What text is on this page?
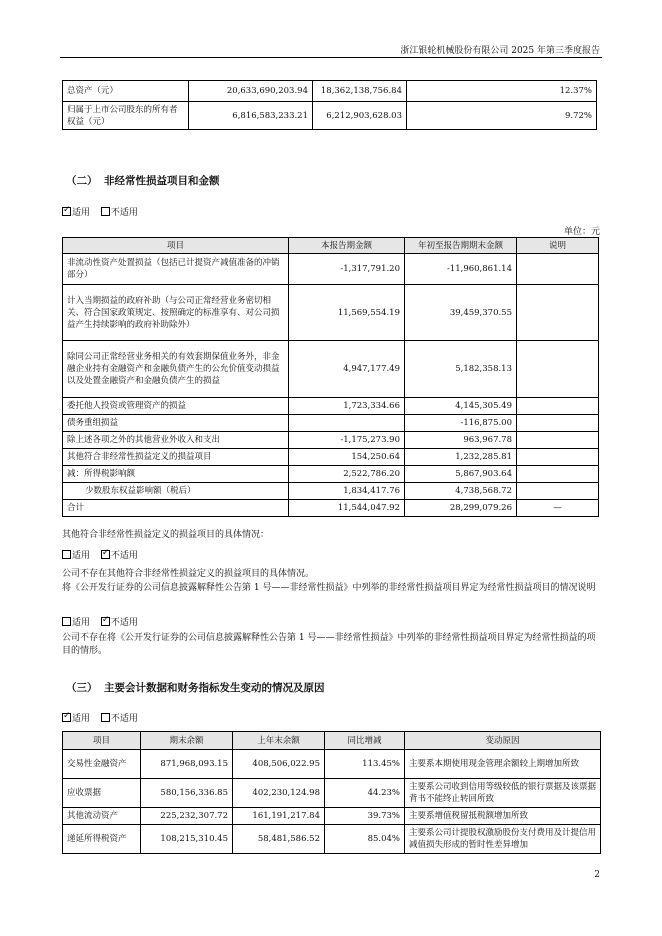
浙江银轮机械股份有限公司 2025 年第三季度报告
总资产（元）	20,633,690,203.94	18,362,138,756.84	12.37%
归属于上市公司股东的所有者权益（元）	6,816,583,233.21	6,212,903,628.03	9.72%
（二） 非经常性损益项目和金额
✓适用 不适用
单位：元
项目	本报告期金额	年初至报告期期末金额	说明
非流动性资产处置损益（包括已计提资产减值准备的冲销部分）	-1,317,791.20	-11,960,861.14	
计入当期损益的政府补助（与公司正常经营业务密切相关、符合国家政策规定、按照确定的标准享有、对公司损益产生持续影响的政府补助除外）	11,569,554.19	39,459,370.55	
除同公司正常经营业务相关的有效套期保值业务外，非金融企业持有金融资产和金融负债产生的公允价值变动损益以及处置金融资产和金融负债产生的损益	4,947,177.49	5,182,358.13	
委托他人投资或管理资产的损益	1,723,334.66	4,145,305.49	
债务重组损益		-116,875.00	
除上述各项之外的其他营业外收入和支出	-1,175,273.90	963,967.78	
其他符合非经常性损益定义的损益项目	154,250.64	1,232,285.81	
减：所得税影响额	2,522,786.20	5,867,903.64	
少数股东权益影响额（税后）	1,834,417.76	4,738,568.72	
合计	11,544,047.92	28,299,079.26	—
其他符合非经常性损益定义的损益项目的具体情况：
适用 ✓ 不适用
公司不存在其他符合非经常性损益定义的损益项目的具体情况。
将《公开发行证券的公司信息披露解释性公告第 1 号——非经常性损益》中列举的非经常性损益项目界定为经常性损益项目的情况说明
适用 ✓ 不适用
公司不存在将《公开发行证券的公司信息披露解释性公告第 1 号——非经常性损益》中列举的非经常性损益项目界定为经常性损益的项目的情形。
（三） 主要会计数据和财务指标发生变动的情况及原因
✓适用 不适用
项目	期末余额	上年末余额	同比增减	变动原因
交易性金融资产	871,968,093.15	408,506,022.95	113.45%	主要系本期使用现金管理余额较上期增加所致
应收票据	580,156,336.85	402,230,124.98	44.23%	主要系公司收到信用等级较低的银行票据及该票据背书不能终止转回所致
其他流动资产	225,232,307.72	161,191,217.84	39.73%	主要系增值税留抵税额增加所致
递延所得税资产	108,215,310.45	58,481,586.52	85.04%	主要系公司计提股权激励股份支付费用及计提信用减值损失形成的暂时性差异增加
2
